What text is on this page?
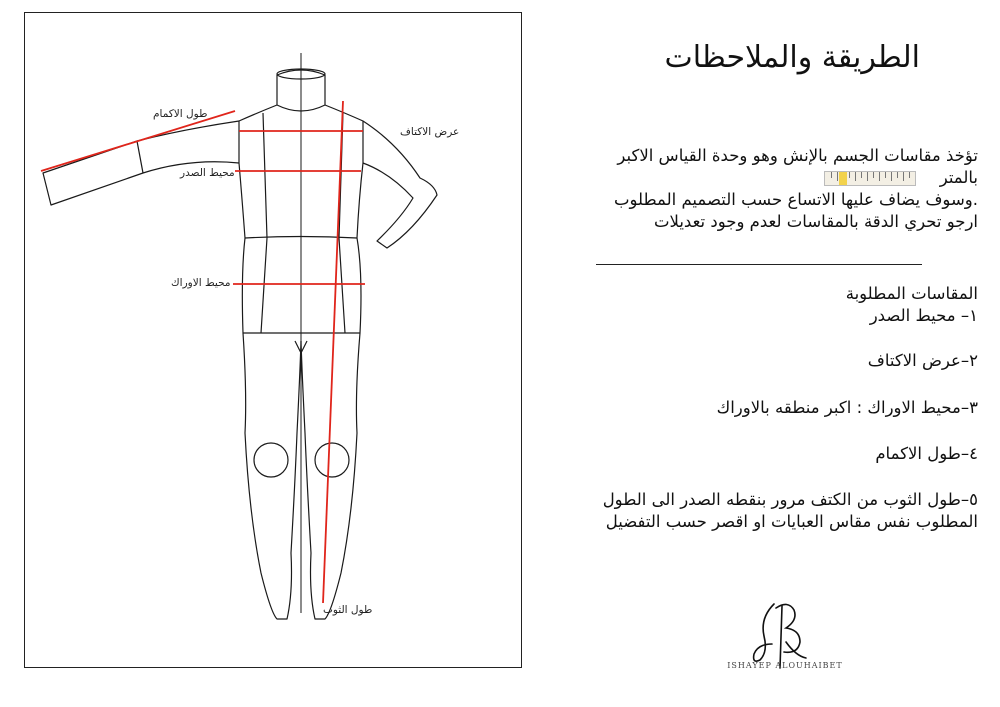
طول الاكمام
عرض الاكتاف
محيط الصدر
محيط الاوراك
طول الثوب
الطريقة والملاحظات
تؤخذ مقاسات الجسم بالإنش وهو وحدة القياس الاكبر
بالمتر
.وسوف يضاف عليها الاتساع حسب التصميم المطلوب
ارجو تحري الدقة بالمقاسات لعدم وجود تعديلات
المقاسات المطلوبة
١– محيط الصدر
٢–عرض الاكتاف
٣–محيط الاوراك : اكبر منطقه بالاوراك
٤–طول الاكمام
٥–طول الثوب من الكتف مرور بنقطه الصدر الى الطول
المطلوب نفس مقاس العبايات او اقصر حسب التفضيل
ISHAYEP ALOUHAIBET
